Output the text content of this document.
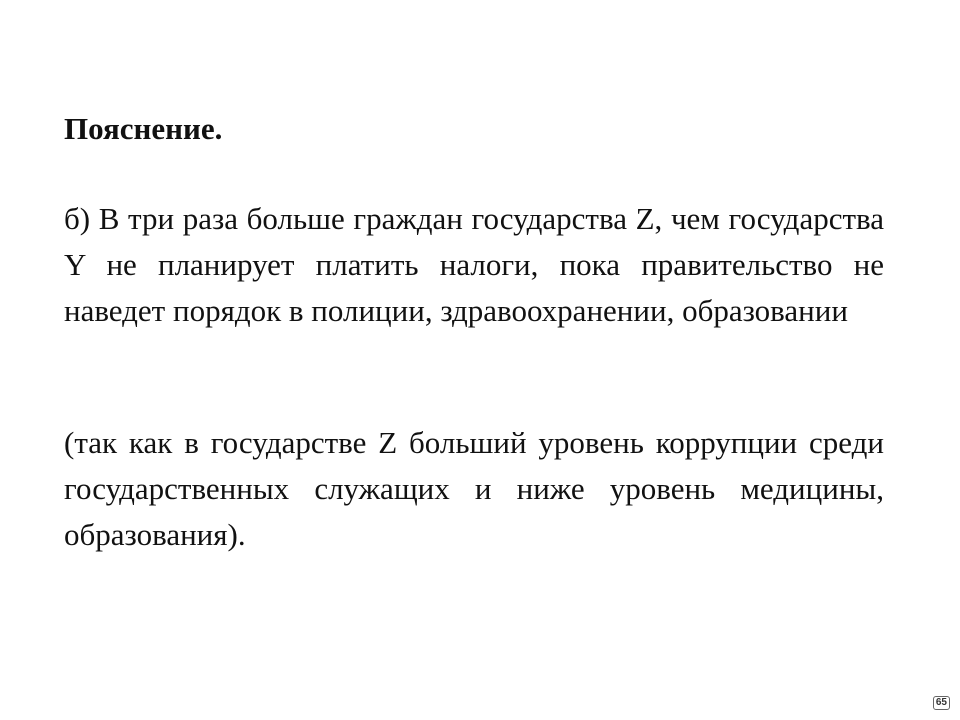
Пояснение.

б) В три раза больше граждан государства Z, чем государства Y не планирует платить налоги, пока правительство не наведет порядок в полиции, здравоохранении, образовании

(так как в государстве Z больший уровень коррупции среди государственных служащих и ниже уровень медицины, образования).

65
